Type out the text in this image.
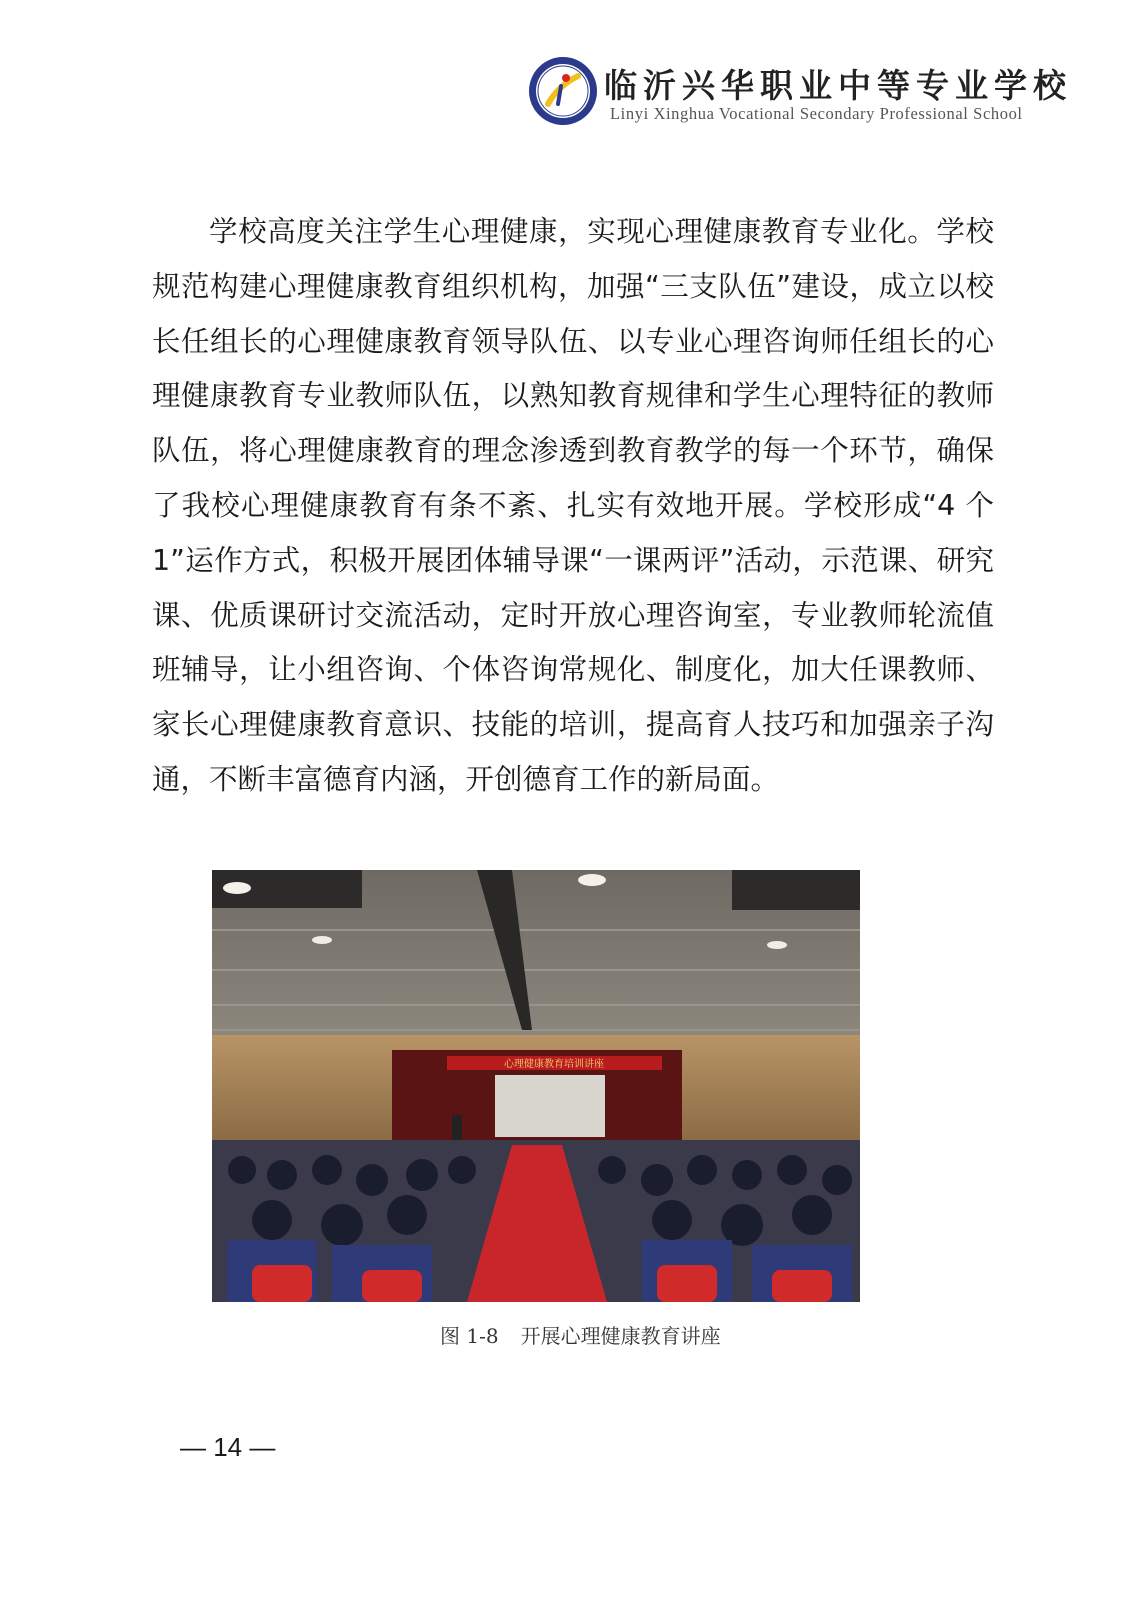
临沂兴华职业中等专业学校
Linyi Xinghua Vocational Secondary Professional School
学校高度关注学生心理健康，实现心理健康教育专业化。学校规范构建心理健康教育组织机构，加强“三支队伍”建设，成立以校长任组长的心理健康教育领导队伍、以专业心理咨询师任组长的心理健康教育专业教师队伍，以熟知教育规律和学生心理特征的教师队伍，将心理健康教育的理念渗透到教育教学的每一个环节，确保了我校心理健康教育有条不紊、扎实有效地开展。学校形成“4 个 1”运作方式，积极开展团体辅导课“一课两评”活动，示范课、研究课、优质课研讨交流活动，定时开放心理咨询室，专业教师轮流值班辅导，让小组咨询、个体咨询常规化、制度化，加大任课教师、家长心理健康教育意识、技能的培训，提高育人技巧和加强亲子沟通，不断丰富德育内涵，开创德育工作的新局面。
心理健康教育培训讲座
图 1-8 开展心理健康教育讲座
— 14 —
